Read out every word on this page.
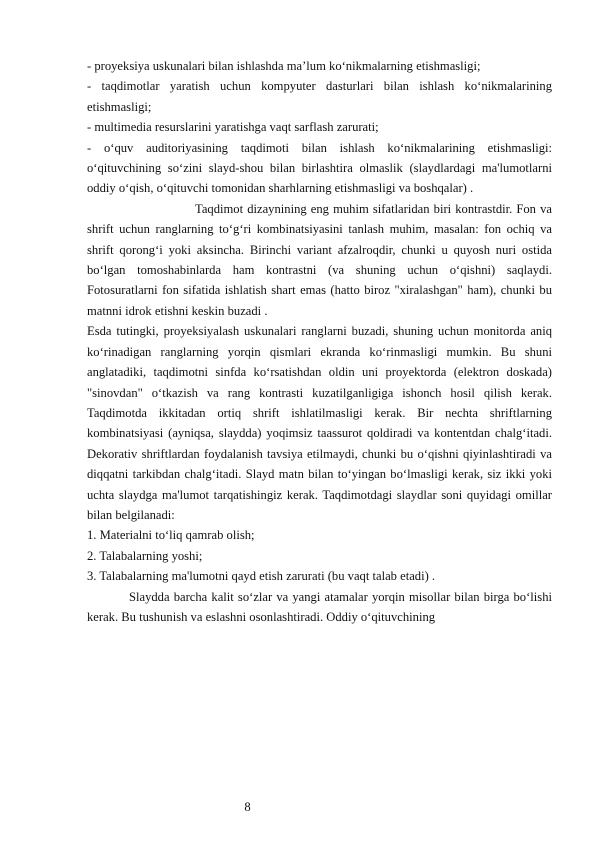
- proyeksiya uskunalari bilan ishlashda ma’lum ko‘nikmalarning etishmasligi;

- taqdimotlar yaratish uchun kompyuter dasturlari bilan ishlash ko‘nikmalarining etishmasligi;

- multimedia resurslarini yaratishga vaqt sarflash zarurati;

- o‘quv auditoriyasining taqdimoti bilan ishlash ko‘nikmalarining etishmasligi: o‘qituvchining so‘zini slayd-shou bilan birlashtira olmaslik (slaydlardagi ma'lumotlarni oddiy o‘qish, o‘qituvchi tomonidan sharhlarning etishmasligi va boshqalar) .

Taqdimot dizaynining eng muhim sifatlaridan biri kontrastdir. Fon va shrift uchun ranglarning to‘g‘ri kombinatsiyasini tanlash muhim, masalan: fon ochiq va shrift qorong‘i yoki aksincha. Birinchi variant afzalroqdir, chunki u quyosh nuri ostida bo‘lgan tomoshabinlarda ham kontrastni (va shuning uchun o‘qishni) saqlaydi. Fotosuratlarni fon sifatida ishlatish shart emas (hatto biroz "xiralashgan" ham), chunki bu matnni idrok etishni keskin buzadi .

Esda tutingki, proyeksiyalash uskunalari ranglarni buzadi, shuning uchun monitorda aniq ko‘rinadigan ranglarning yorqin qismlari ekranda ko‘rinmasligi mumkin. Bu shuni anglatadiki, taqdimotni sinfda ko‘rsatishdan oldin uni proyektorda (elektron doskada) "sinovdan" o‘tkazish va rang kontrasti kuzatilganligiga ishonch hosil qilish kerak. Taqdimotda ikkitadan ortiq shrift ishlatilmasligi kerak. Bir nechta shriftlarning kombinatsiyasi (ayniqsa, slaydda) yoqimsiz taassurot qoldiradi va kontentdan chalg‘itadi. Dekorativ shriftlardan foydalanish tavsiya etilmaydi, chunki bu o‘qishni qiyinlashtiradi va diqqatni tarkibdan chalg‘itadi. Slayd matn bilan to‘yingan bo‘lmasligi kerak, siz ikki yoki uchta slaydga ma'lumot tarqatishingiz kerak. Taqdimotdagi slaydlar soni quyidagi omillar bilan belgilanadi:

1. Materialni to‘liq qamrab olish;

2. Talabalarning yoshi;

3. Talabalarning ma'lumotni qayd etish zarurati (bu vaqt talab etadi) .

Slaydda barcha kalit so‘zlar va yangi atamalar yorqin misollar bilan birga bo‘lishi kerak. Bu tushunish va eslashni osonlashtiradi. Oddiy o‘qituvchining

8
